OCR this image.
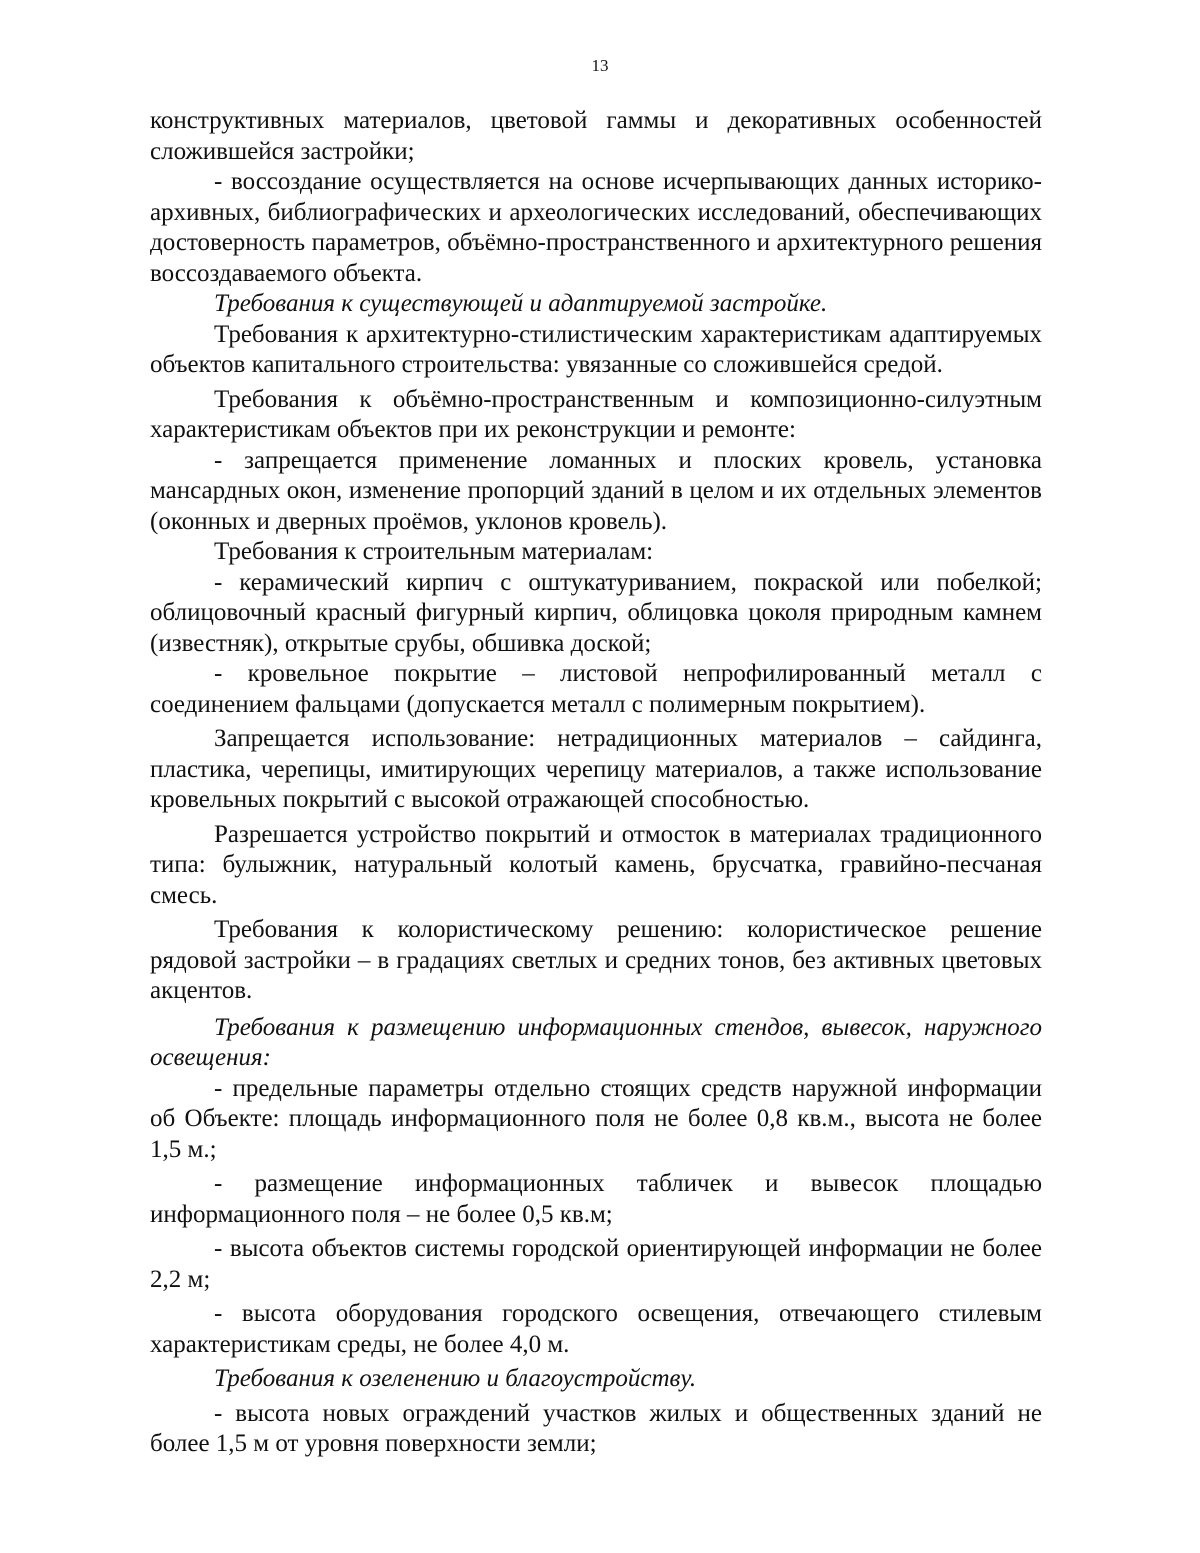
13

конструктивных материалов, цветовой гаммы и декоративных особенностей сложившейся застройки;

- воссоздание осуществляется на основе исчерпывающих данных историко-архивных, библиографических и археологических исследований, обеспечивающих достоверность параметров, объёмно-пространственного и архитектурного решения воссоздаваемого объекта.

Требования к существующей и адаптируемой застройке.

Требования к архитектурно-стилистическим характеристикам адаптируемых объектов капитального строительства: увязанные со сложившейся средой.

Требования к объёмно-пространственным и композиционно-силуэтным характеристикам объектов при их реконструкции и ремонте:

- запрещается применение ломанных и плоских кровель, установка мансардных окон, изменение пропорций зданий в целом и их отдельных элементов (оконных и дверных проёмов, уклонов кровель).

Требования к строительным материалам:

- керамический кирпич с оштукатуриванием, покраской или побелкой; облицовочный красный фигурный кирпич, облицовка цоколя природным камнем (известняк), открытые срубы, обшивка доской;

- кровельное покрытие – листовой непрофилированный металл с соединением фальцами (допускается металл с полимерным покрытием).

Запрещается использование: нетрадиционных материалов – сайдинга, пластика, черепицы, имитирующих черепицу материалов, а также использование кровельных покрытий с высокой отражающей способностью.

Разрешается устройство покрытий и отмосток в материалах традиционного типа: булыжник, натуральный колотый камень, брусчатка, гравийно-песчаная смесь.

Требования к колористическому решению: колористическое решение рядовой застройки – в градациях светлых и средних тонов, без активных цветовых акцентов.

Требования к размещению информационных стендов, вывесок, наружного освещения:

- предельные параметры отдельно стоящих средств наружной информации об Объекте: площадь информационного поля не более 0,8 кв.м., высота не более 1,5 м.;

- размещение информационных табличек и вывесок площадью информационного поля – не более 0,5 кв.м;

- высота объектов системы городской ориентирующей информации не более 2,2 м;

- высота оборудования городского освещения, отвечающего стилевым характеристикам среды, не более 4,0 м.

Требования к озеленению и благоустройству.

- высота новых ограждений участков жилых и общественных зданий не более 1,5 м от уровня поверхности земли;
